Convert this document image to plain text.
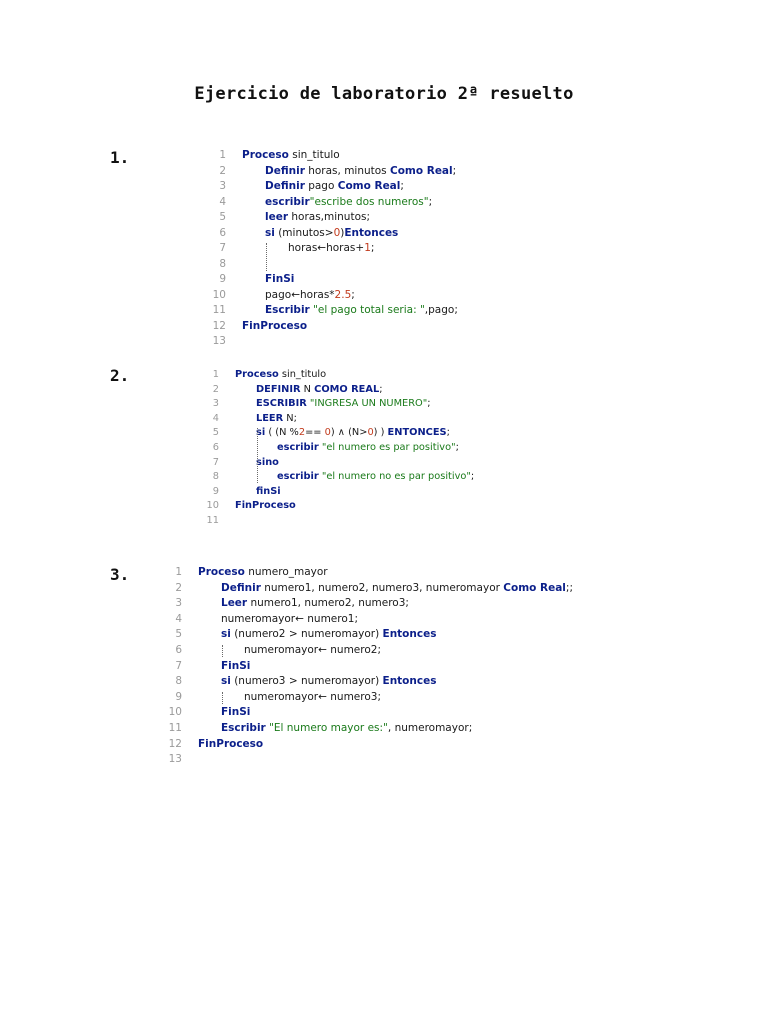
Ejercicio de laboratorio 2ª resuelto
1.
2.
3.
1 Proceso sin_titulo
2	Definir horas, minutos Como Real;
3	Definir pago Como Real;
4	escribir"escribe dos numeros";
5	leer horas,minutos;
6	si (minutos>0)Entonces
7	horas←horas+1;
8
9	FinSi
10	pago←horas*2.5;
11	Escribir "el pago total seria: ",pago;
12 FinProceso
13
1 Proceso sin_titulo
2	DEFINIR N COMO REAL;
3	ESCRIBIR "INGRESA UN NUMERO";
4	LEER N;
5	si ( (N %2== 0) ∧ (N>0) ) ENTONCES;
6	escribir "el numero es par positivo";
7	sino
8	escribir "el numero no es par positivo";
9	finSi
10 FinProceso
11
1 Proceso numero_mayor
2	Definir numero1, numero2, numero3, numeromayor Como Real;;
3	Leer numero1, numero2, numero3;
4	numeromayor← numero1;
5	si (numero2 > numeromayor) Entonces
6	numeromayor← numero2;
7	FinSi
8	si (numero3 > numeromayor) Entonces
9	numeromayor← numero3;
10	FinSi
11	Escribir "El numero mayor es:", numeromayor;
12 FinProceso
13
